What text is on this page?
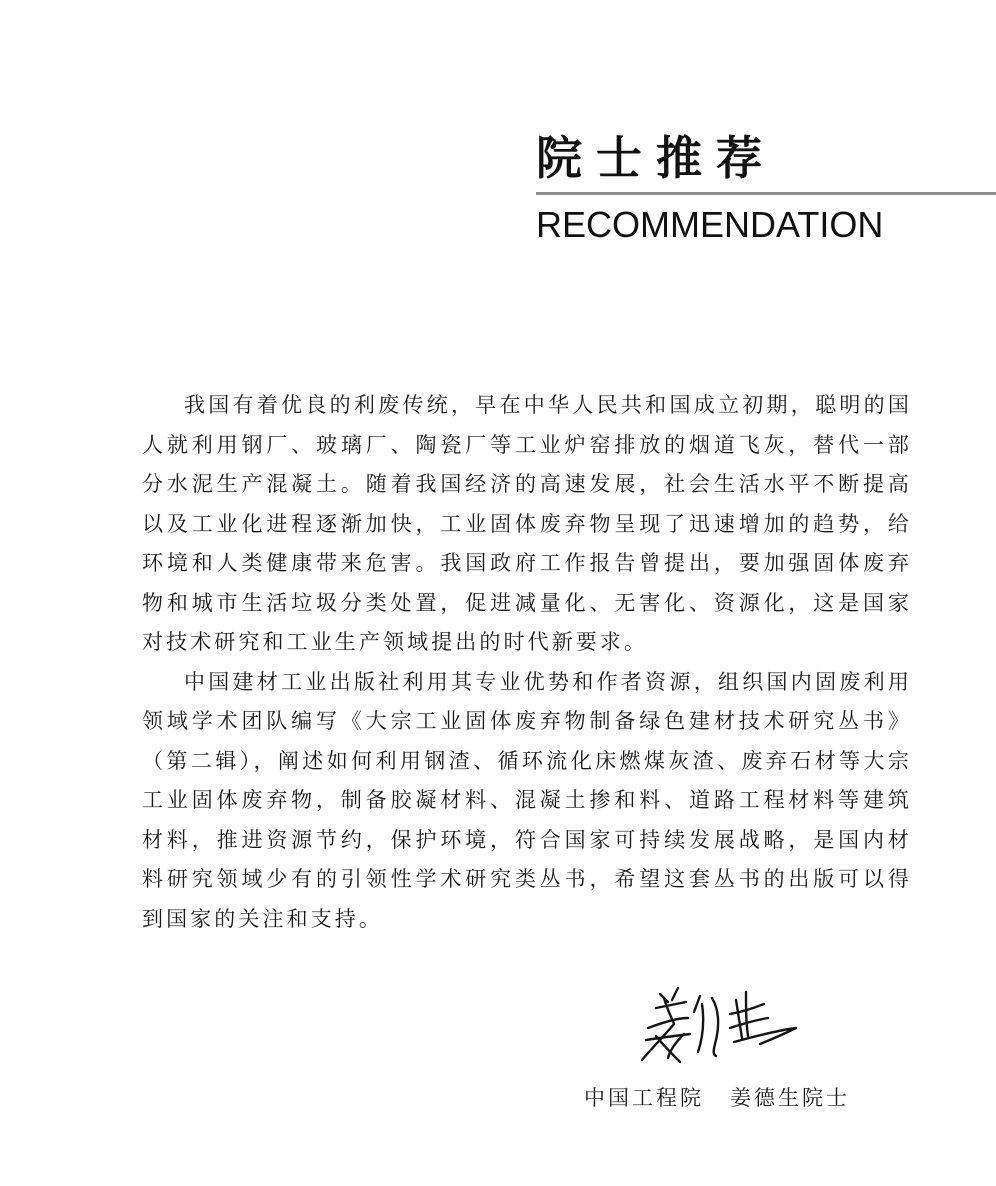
院士推荐
RECOMMENDATION

我国有着优良的利废传统，早在中华人民共和国成立初期，聪明的国人就利用钢厂、玻璃厂、陶瓷厂等工业炉窑排放的烟道飞灰，替代一部分水泥生产混凝土。随着我国经济的高速发展，社会生活水平不断提高以及工业化进程逐渐加快，工业固体废弃物呈现了迅速增加的趋势，给环境和人类健康带来危害。我国政府工作报告曾提出，要加强固体废弃物和城市生活垃圾分类处置，促进减量化、无害化、资源化，这是国家对技术研究和工业生产领域提出的时代新要求。

中国建材工业出版社利用其专业优势和作者资源，组织国内固废利用领域学术团队编写《大宗工业固体废弃物制备绿色建材技术研究丛书》（第二辑），阐述如何利用钢渣、循环流化床燃煤灰渣、废弃石材等大宗工业固体废弃物，制备胶凝材料、混凝土掺和料、道路工程材料等建筑材料，推进资源节约，保护环境，符合国家可持续发展战略，是国内材料研究领域少有的引领性学术研究类丛书，希望这套丛书的出版可以得到国家的关注和支持。

中国工程院 姜德生院士
